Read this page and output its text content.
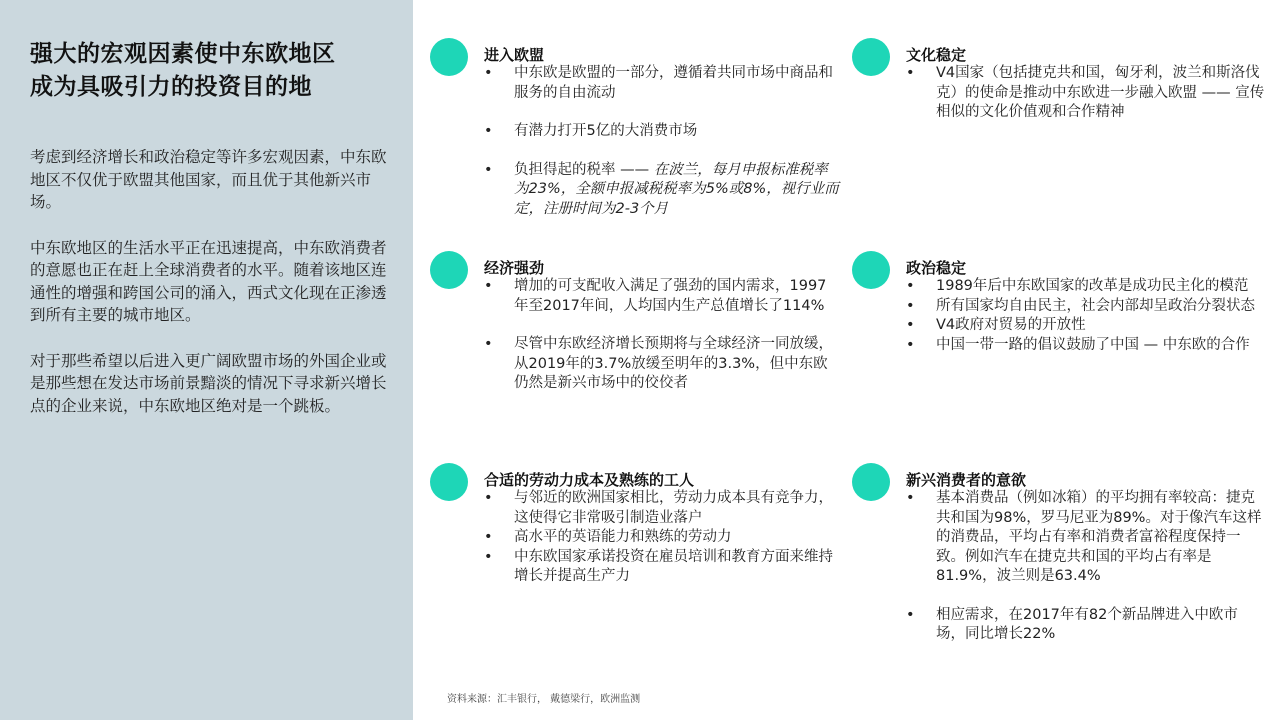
强大的宏观因素使中东欧地区
成为具吸引力的投资目的地

考虑到经济增长和政治稳定等许多宏观因素，中东欧地区不仅优于欧盟其他国家，而且优于其他新兴市场。

中东欧地区的生活水平正在迅速提高，中东欧消费者的意愿也正在赶上全球消费者的水平。随着该地区连通性的增强和跨国公司的涌入，西式文化现在正渗透到所有主要的城市地区。

对于那些希望以后进入更广阔欧盟市场的外国企业或是那些想在发达市场前景黯淡的情况下寻求新兴增长点的企业来说，中东欧地区绝对是一个跳板。

进入欧盟
• 中东欧是欧盟的一部分，遵循着共同市场中商品和服务的自由流动
• 有潜力打开5亿的大消费市场
• 负担得起的税率 —— 在波兰，每月申报标准税率为23%，全额申报减税税率为5%或8%，视行业而定，注册时间为2-3个月
经济强劲
• 增加的可支配收入满足了强劲的国内需求，1997年至2017年间，人均国内生产总值增长了114%
• 尽管中东欧经济增长预期将与全球经济一同放缓，从2019年的3.7%放缓至明年的3.3%，但中东欧仍然是新兴市场中的佼佼者
合适的劳动力成本及熟练的工人
• 与邻近的欧洲国家相比，劳动力成本具有竞争力，这使得它非常吸引制造业落户
• 高水平的英语能力和熟练的劳动力
• 中东欧国家承诺投资在雇员培训和教育方面来维持增长并提高生产力
文化稳定
• V4国家（包括捷克共和国，匈牙利，波兰和斯洛伐克）的使命是推动中东欧进一步融入欧盟 —— 宣传相似的文化价值观和合作精神
政治稳定
• 1989年后中东欧国家的改革是成功民主化的模范
• 所有国家均自由民主，社会内部却呈政治分裂状态
• V4政府对贸易的开放性
• 中国一带一路的倡议鼓励了中国 — 中东欧的合作
新兴消费者的意欲
• 基本消费品（例如冰箱）的平均拥有率较高：捷克共和国为98%，罗马尼亚为89%。对于像汽车这样的消费品，平均占有率和消费者富裕程度保持一致。例如汽车在捷克共和国的平均占有率是81.9%，波兰则是63.4%
• 相应需求，在2017年有82个新品牌进入中欧市场，同比增长22%
资料来源：汇丰银行， 戴德梁行，欧洲监测
